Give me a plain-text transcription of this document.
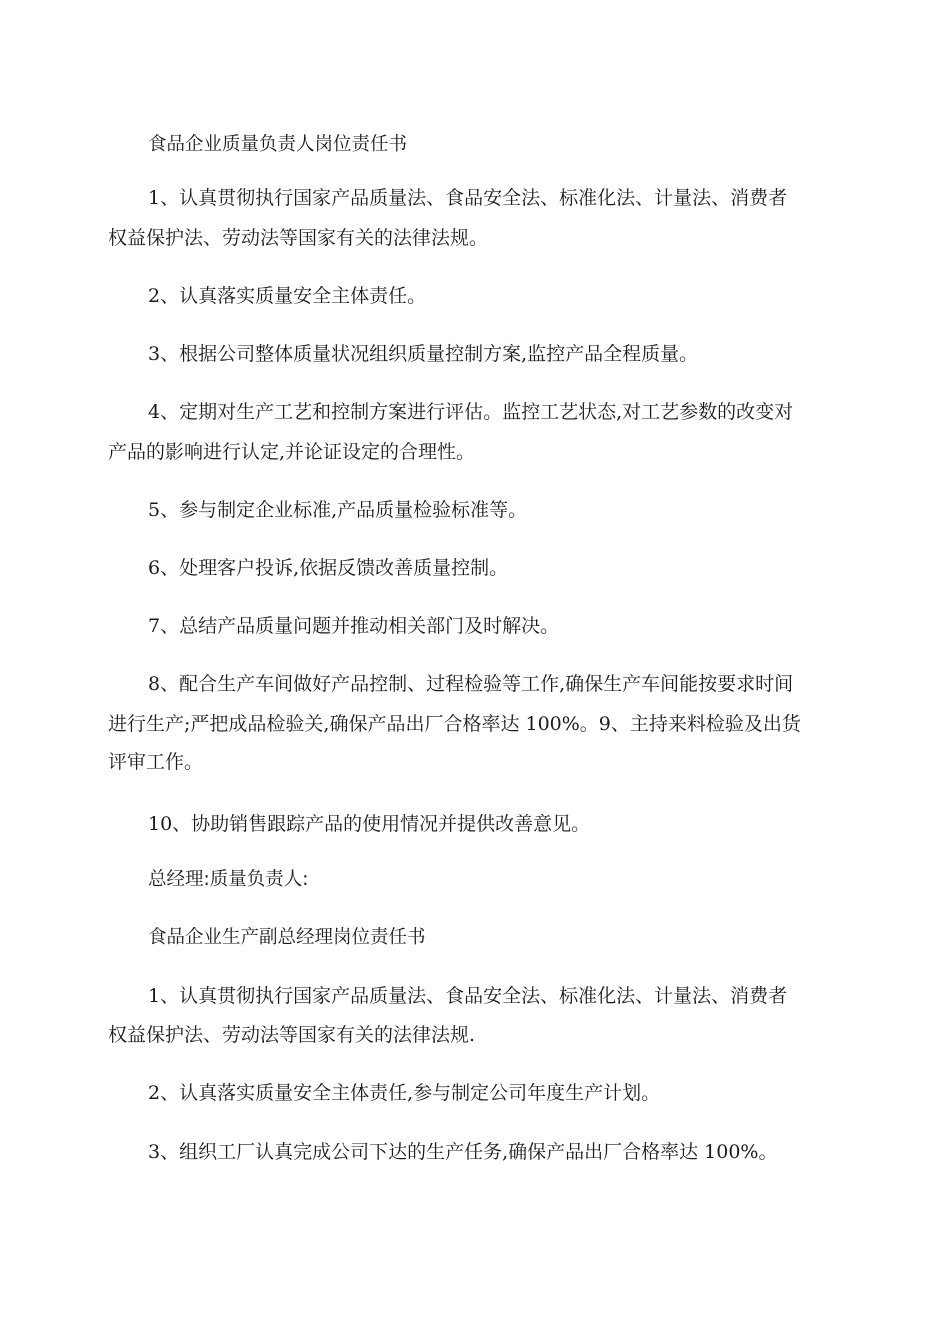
食品企业质量负责人岗位责任书

1、认真贯彻执行国家产品质量法、食品安全法、标准化法、计量法、消费者

权益保护法、劳动法等国家有关的法律法规。

2、认真落实质量安全主体责任。

3、根据公司整体质量状况组织质量控制方案,监控产品全程质量。

4、定期对生产工艺和控制方案进行评估。监控工艺状态,对工艺参数的改变对

产品的影响进行认定,并论证设定的合理性。

5、参与制定企业标准,产品质量检验标准等。

6、处理客户投诉,依据反馈改善质量控制。

7、总结产品质量问题并推动相关部门及时解决。

8、配合生产车间做好产品控制、过程检验等工作,确保生产车间能按要求时间

进行生产;严把成品检验关,确保产品出厂合格率达 100%。9、主持来料检验及出货

评审工作。

10、协助销售跟踪产品的使用情况并提供改善意见。

总经理:质量负责人:

食品企业生产副总经理岗位责任书

1、认真贯彻执行国家产品质量法、食品安全法、标准化法、计量法、消费者

权益保护法、劳动法等国家有关的法律法规.

2、认真落实质量安全主体责任,参与制定公司年度生产计划。

3、组织工厂认真完成公司下达的生产任务,确保产品出厂合格率达 100%。
